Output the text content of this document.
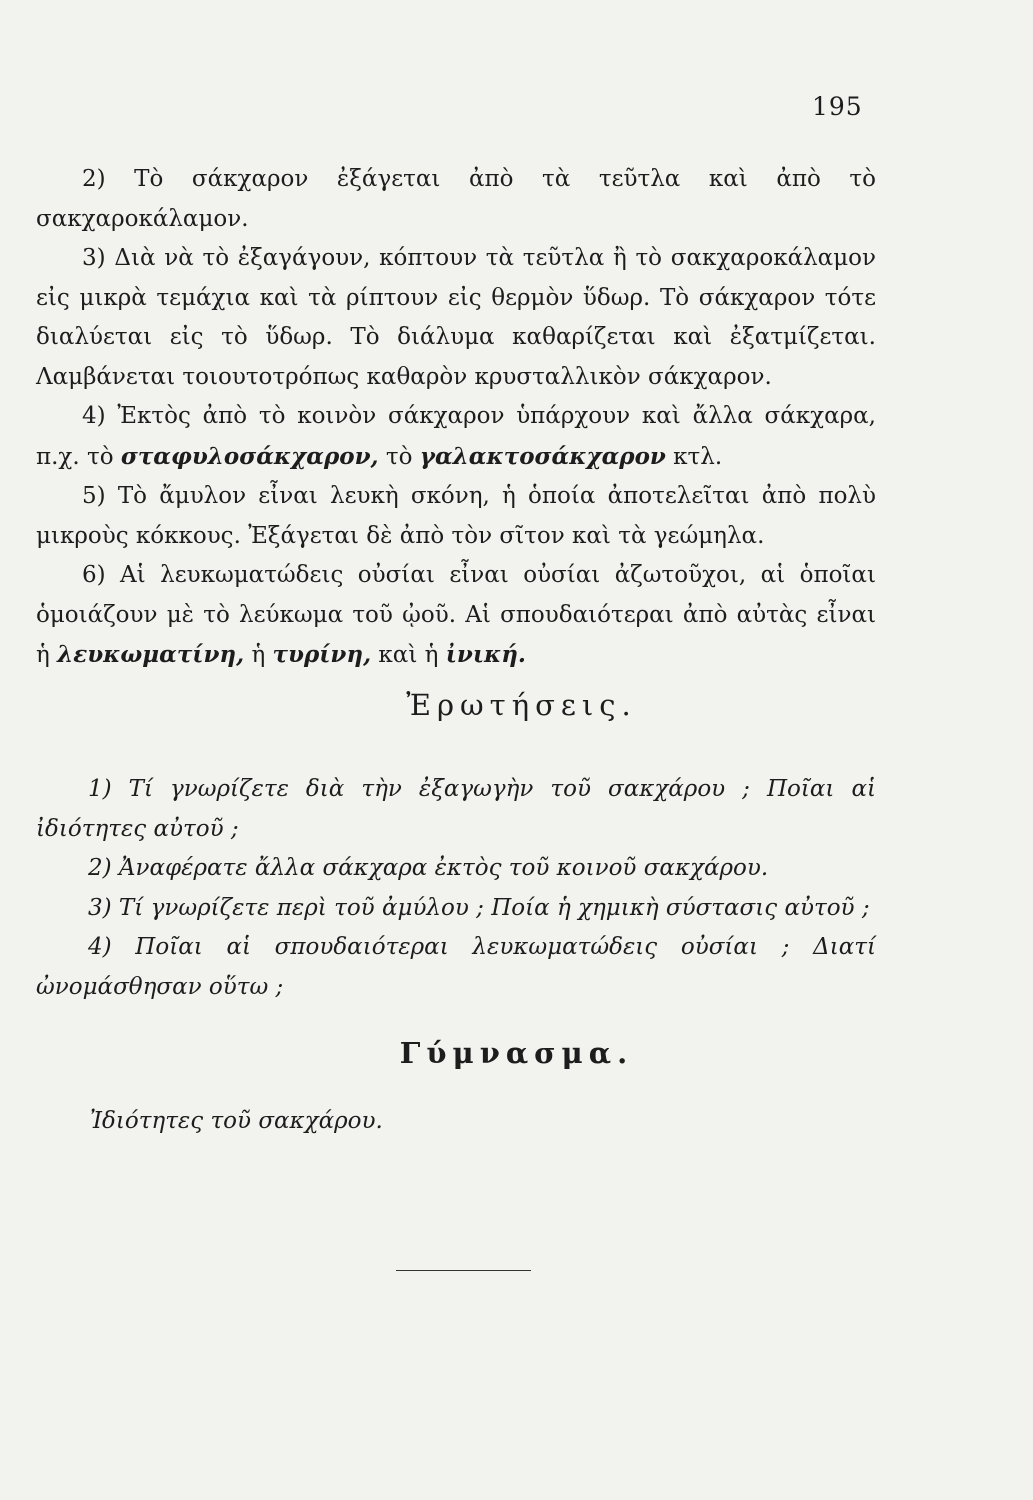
195

2) Τὸ σάκχαρον ἐξάγεται ἀπὸ τὰ τεῦτλα καὶ ἀπὸ τὸ σακχαροκάλαμον.

3) Διὰ νὰ τὸ ἐξαγάγουν, κόπτουν τὰ τεῦτλα ἢ τὸ σακχαροκάλαμον εἰς μικρὰ τεμάχια καὶ τὰ ρίπτουν εἰς θερμὸν ὕδωρ. Τὸ σάκχαρον τότε διαλύεται εἰς τὸ ὕδωρ. Τὸ διάλυμα καθαρίζεται καὶ ἐξατμίζεται. Λαμβάνεται τοιουτοτρόπως καθαρὸν κρυσταλλικὸν σάκχαρον.

4) Ἐκτὸς ἀπὸ τὸ κοινὸν σάκχαρον ὑπάρχουν καὶ ἄλλα σάκχαρα, π.χ. τὸ σταφυλοσάκχαρον, τὸ γαλακτοσάκχαρον κτλ.

5) Τὸ ἄμυλον εἶναι λευκὴ σκόνη, ἡ ὁποία ἀποτελεῖται ἀπὸ πολὺ μικροὺς κόκκους. Ἐξάγεται δὲ ἀπὸ τὸν σῖτον καὶ τὰ γεώμηλα.

6) Αἱ λευκωματώδεις οὐσίαι εἶναι οὐσίαι ἀζωτοῦχοι, αἱ ὁποῖαι ὁμοιάζουν μὲ τὸ λεύκωμα τοῦ ᾠοῦ. Αἱ σπουδαιότεραι ἀπὸ αὐτὰς εἶναι ἡ λευκωματίνη, ἡ τυρίνη, καὶ ἡ ἰνική.

Ἐρωτήσεις.

1) Τί γνωρίζετε διὰ τὴν ἐξαγωγὴν τοῦ σακχάρου ; Ποῖαι αἱ ἰδιότητες αὐτοῦ ;

2) Ἀναφέρατε ἄλλα σάκχαρα ἐκτὸς τοῦ κοινοῦ σακχάρου.

3) Τί γνωρίζετε περὶ τοῦ ἀμύλου ; Ποία ἡ χημικὴ σύστασις αὐτοῦ ;

4) Ποῖαι αἱ σπουδαιότεραι λευκωματώδεις οὐσίαι ; Διατί ὠνομάσθησαν οὕτω ;

Γύμνασμα.
Ἰδιότητες τοῦ σακχάρου.
